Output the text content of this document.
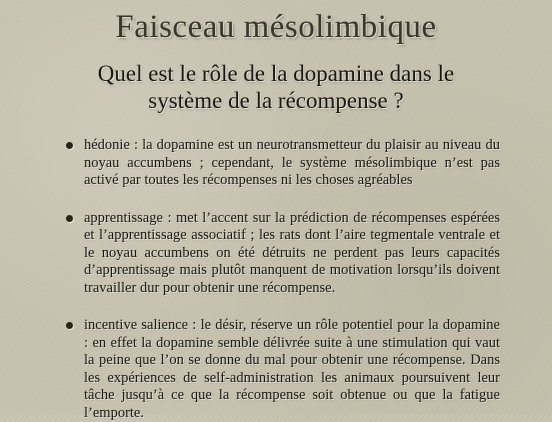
Faisceau mésolimbique
Quel est le rôle de la dopamine dans le système de la récompense ?
hédonie : la dopamine est un neurotransmetteur du plaisir au niveau du noyau accumbens ; cependant, le système mésolimbique n’est pas activé par toutes les récompenses ni les choses agréables
apprentissage : met l’accent sur la prédiction de récompenses espérées et l’apprentissage associatif ; les rats dont l’aire tegmentale ventrale et le noyau accumbens on été détruits ne perdent pas leurs capacités d’apprentissage mais plutôt manquent de motivation lorsqu’ils doivent travailler dur pour obtenir une récompense.
incentive salience : le désir, réserve un rôle potentiel pour la dopamine : en effet la dopamine semble délivrée suite à une stimulation qui vaut la peine que l’on se donne du mal pour obtenir une récompense. Dans les expériences de self-administration les animaux poursuivent leur tâche jusqu’à ce que la récompense soit obtenue ou que la fatigue l’emporte.
